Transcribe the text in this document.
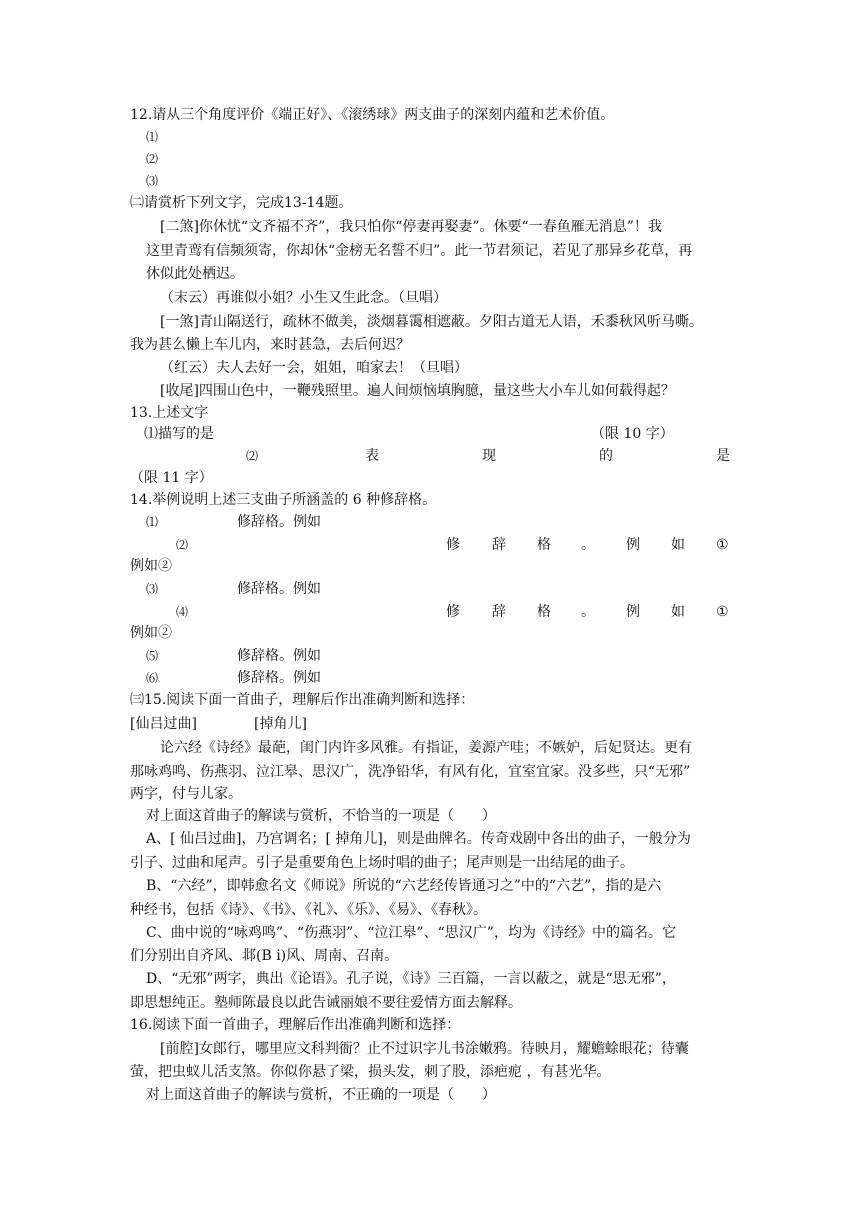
12.请从三个角度评价《端正好》、《滚绣球》两支曲子的深刻内蕴和艺术价值。
⑴
⑵
⑶
㈡请赏析下列文字，完成13-14题。
[二煞]你休忧“文齐福不齐”，我只怕你“停妻再娶妻”。休要“一春鱼雁无消息”！我
这里青鸾有信频须寄，你却休“金榜无名誓不归”。此一节君须记，若见了那异乡花草，再
休似此处栖迟。
（末云）再谁似小姐？小生又生此念。（旦唱）
[一煞]青山隔送行，疏林不做美，淡烟暮霭相遮蔽。夕阳古道无人语，禾黍秋风听马嘶。
我为甚么懒上车儿内，来时甚急，去后何迟？
（红云）夫人去好一会，姐姐，咱家去！（旦唱）
[收尾]四围山色中，一鞭残照里。遍人间烦恼填胸臆，量这些大小车儿如何载得起？
13.上述文字
⑴描写的是	（限 10 字）
⑵	表	现	的	是
（限 11 字）
14.举例说明上述三支曲子所涵盖的 6 种修辞格。
⑴	修辞格。例如
⑵	修 辞 格 。 例 如 ①
例如②
⑶	修辞格。例如
⑷	修 辞 格 。 例 如 ①
例如②
⑸	修辞格。例如
⑹	修辞格。例如
㈢15.阅读下面一首曲子，理解后作出准确判断和选择：
[仙吕过曲]	[掉角儿]
论六经《诗经》最葩，闺门内许多风雅。有指证，姜源产哇；不嫉妒，后妃贤达。更有
那咏鸡鸣、伤燕羽、泣江皋、思汉广，洗净铅华，有风有化，宜室宜家。没多些，只“无邪”
两字，付与儿家。
对上面这首曲子的解读与赏析，不恰当的一项是（　　）
A、[ 仙吕过曲]，乃宫调名；[ 掉角儿]，则是曲牌名。传奇戏剧中各出的曲子，一般分为
引子、过曲和尾声。引子是重要角色上场时唱的曲子；尾声则是一出结尾的曲子。
B、“六经”，即韩愈名文《师说》所说的“六艺经传皆通习之”中的“六艺”，指的是六
种经书，包括《诗》、《书》、《礼》、《乐》、《易》、《春秋》。
C、曲中说的“咏鸡鸣”、“伤燕羽”、“泣江皋”、“思汉广”，均为《诗经》中的篇名。它
们分别出自齐风、邶(B i)风、周南、召南。
D、“无邪”两字，典出《论语》。孔子说，《诗》三百篇，一言以蔽之，就是“思无邪”，
即思想纯正。塾师陈最良以此告诫丽娘不要往爱情方面去解释。
16.阅读下面一首曲子，理解后作出准确判断和选择：
[前腔]女郎行，哪里应文科判衙？止不过识字儿书涂嫩鸦。待映月，耀蟾蜍眼花；待囊
萤，把虫蚁儿活支煞。你似你悬了梁，损头发，刺了股，添疤痆 ，有甚光华。
对上面这首曲子的解读与赏析，不正确的一项是（　　）
